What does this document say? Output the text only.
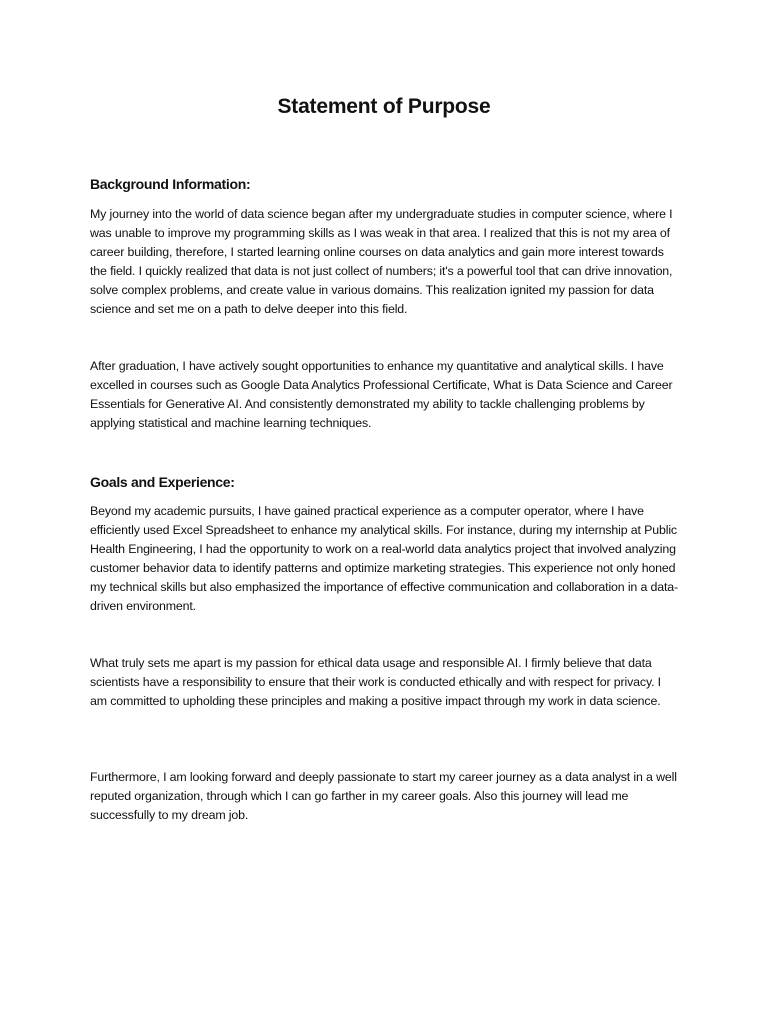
Statement of Purpose
Background Information:

My journey into the world of data science began after my undergraduate studies in computer science, where I was unable to improve my programming skills as I was weak in that area. I realized that this is not my area of career building, therefore, I started learning online courses on data analytics and gain more interest towards the field. I quickly realized that data is not just collect of numbers; it's a powerful tool that can drive innovation, solve complex problems, and create value in various domains. This realization ignited my passion for data science and set me on a path to delve deeper into this field.

After graduation, I have actively sought opportunities to enhance my quantitative and analytical skills. I have excelled in courses such as Google Data Analytics Professional Certificate, What is Data Science and Career Essentials for Generative AI. And consistently demonstrated my ability to tackle challenging problems by applying statistical and machine learning techniques.

Goals and Experience:

Beyond my academic pursuits, I have gained practical experience as a computer operator, where I have efficiently used Excel Spreadsheet to enhance my analytical skills. For instance, during my internship at Public Health Engineering, I had the opportunity to work on a real-world data analytics project that involved analyzing customer behavior data to identify patterns and optimize marketing strategies. This experience not only honed my technical skills but also emphasized the importance of effective communication and collaboration in a data-driven environment.

What truly sets me apart is my passion for ethical data usage and responsible AI. I firmly believe that data scientists have a responsibility to ensure that their work is conducted ethically and with respect for privacy. I am committed to upholding these principles and making a positive impact through my work in data science.

Furthermore, I am looking forward and deeply passionate to start my career journey as a data analyst in a well reputed organization, through which I can go farther in my career goals. Also this journey will lead me successfully to my dream job.
